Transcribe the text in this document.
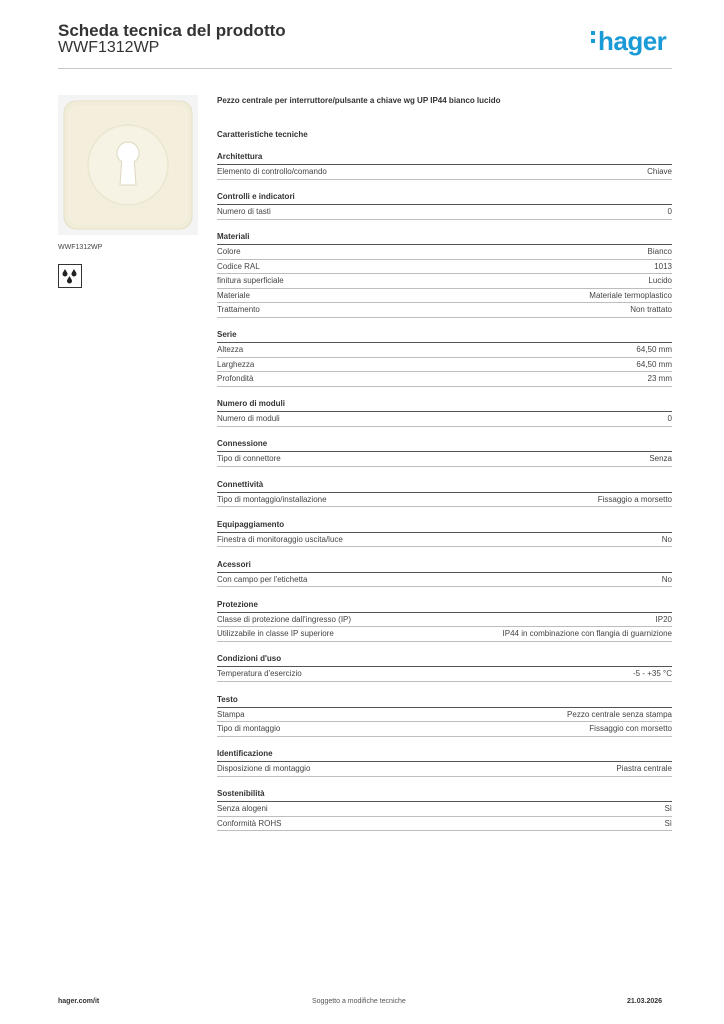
Scheda tecnica del prodotto
WWF1312WP	hager
WWF1312WP
Pezzo centrale per interruttore/pulsante a chiave wg UP IP44 bianco lucido
Caratteristiche tecniche
Architettura
Elemento di controllo/comando	Chiave
Controlli e indicatori
Numero di tasti	0
Materiali
Colore	Bianco
Codice RAL	1013
finitura superficiale	Lucido
Materiale	Materiale termoplastico
Trattamento	Non trattato
Serie
Altezza	64,50 mm
Larghezza	64,50 mm
Profondità	23 mm
Numero di moduli
Numero di moduli	0
Connessione
Tipo di connettore	Senza
Connettività
Tipo di montaggio/installazione	Fissaggio a morsetto
Equipaggiamento
Finestra di monitoraggio uscita/luce	No
Acessori
Con campo per l'etichetta	No
Protezione
Classe di protezione dall'ingresso (IP)	IP20
Utilizzabile in classe IP superiore	IP44 in combinazione con flangia di guarnizione
Condizioni d'uso
Temperatura d'esercizio	-5 - +35 °C
Testo
Stampa	Pezzo centrale senza stampa
Tipo di montaggio	Fissaggio con morsetto
Identificazione
Disposizione di montaggio	Piastra centrale
Sostenibilità
Senza alogeni	Sì
Conformità ROHS	Sì
hager.com/it	Soggetto a modifiche tecniche	21.03.2026
